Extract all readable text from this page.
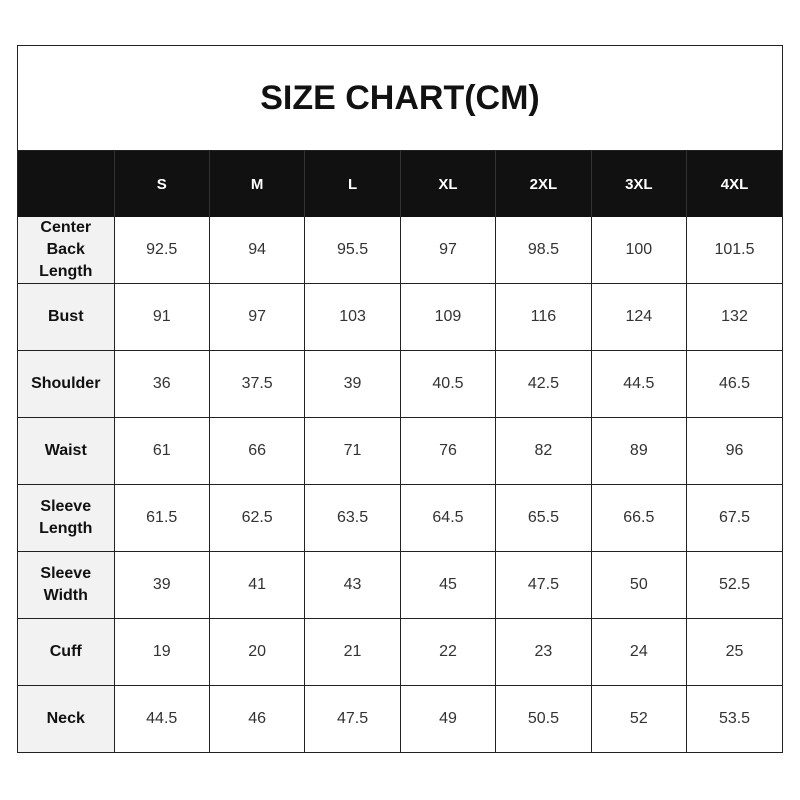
SIZE CHART(CM)
	S	M	L	XL	2XL	3XL	4XL
Center
Back
Length	92.5	94	95.5	97	98.5	100	101.5
Bust	91	97	103	109	116	124	132
Shoulder	36	37.5	39	40.5	42.5	44.5	46.5
Waist	61	66	71	76	82	89	96
Sleeve
Length	61.5	62.5	63.5	64.5	65.5	66.5	67.5
Sleeve
Width	39	41	43	45	47.5	50	52.5
Cuff	19	20	21	22	23	24	25
Neck	44.5	46	47.5	49	50.5	52	53.5
